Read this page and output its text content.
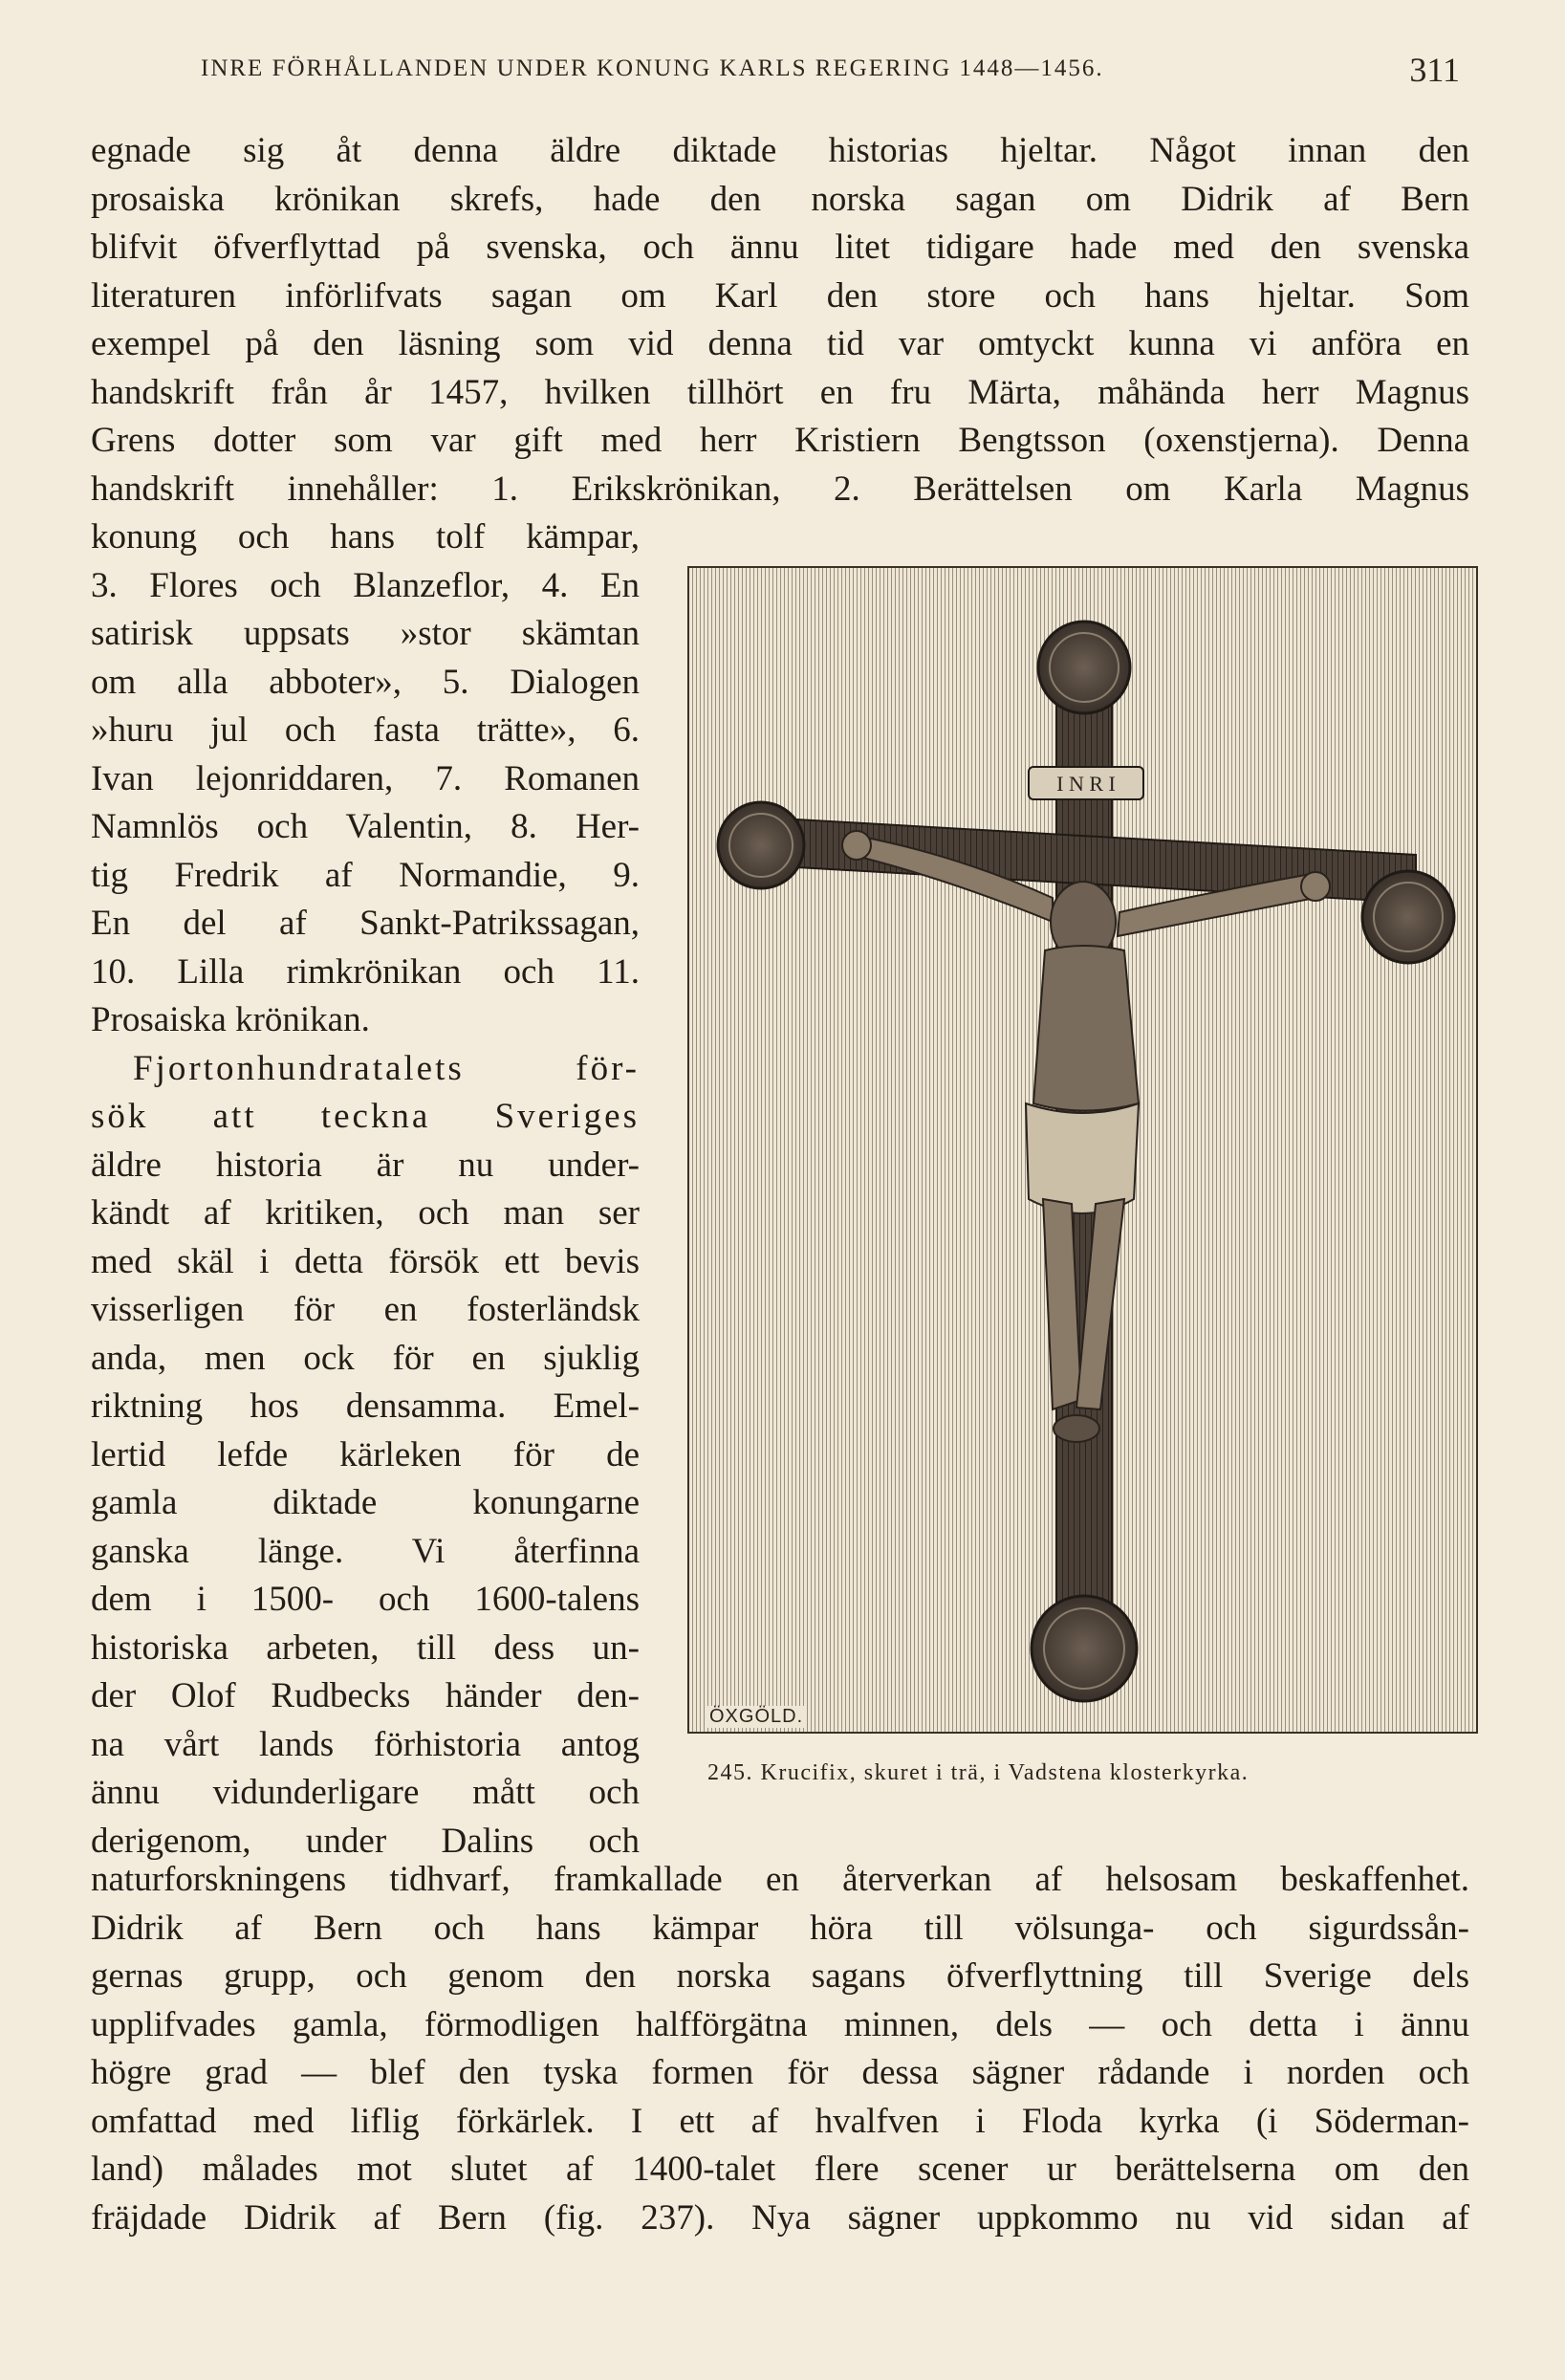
INRE FÖRHÅLLANDEN UNDER KONUNG KARLS REGERING 1448—1456.	311
egnade sig åt denna äldre diktade historias hjeltar. Något innan den
prosaiska krönikan skrefs, hade den norska sagan om Didrik af Bern
blifvit öfverflyttad på svenska, och ännu litet tidigare hade med den svenska
literaturen införlifvats sagan om Karl den store och hans hjeltar. Som
exempel på den läsning som vid denna tid var omtyckt kunna vi anföra en
handskrift från år 1457, hvilken tillhört en fru Märta, måhända herr Magnus
Grens dotter som var gift med herr Kristiern Bengtsson (oxenstjerna). Denna
handskrift innehåller: 1. Erikskrönikan, 2. Berättelsen om Karla Magnus
konung och hans tolf kämpar,
3. Flores och Blanzeflor, 4. En
satirisk uppsats »stor skämtan
om alla abboter», 5. Dialogen
»huru jul och fasta trätte», 6.
Ivan lejonriddaren, 7. Romanen
Namnlös och Valentin, 8. Her-
tig Fredrik af Normandie, 9.
En del af Sankt-Patrikssagan,
10. Lilla rimkrönikan och 11.
Prosaiska krönikan.
Fjortonhundratalets för-
sök att teckna Sveriges
äldre historia är nu under-
kändt af kritiken, och man ser
med skäl i detta försök ett bevis
visserligen för en fosterländsk
anda, men ock för en sjuklig
riktning hos densamma. Emel-
lertid lefde kärleken för de
gamla diktade konungarne
ganska länge. Vi återfinna
dem i 1500- och 1600-talens
historiska arbeten, till dess un-
der Olof Rudbecks händer den-
na vårt lands förhistoria antog
ännu vidunderligare mått och
derigenom, under Dalins och
I N R I
ÖXGÖLD.
245. Krucifix, skuret i trä, i Vadstena klosterkyrka.
naturforskningens tidhvarf, framkallade en återverkan af helsosam beskaffenhet.
Didrik af Bern och hans kämpar höra till völsunga- och sigurdssån-
gernas grupp, och genom den norska sagans öfverflyttning till Sverige dels
upplifvades gamla, förmodligen halfförgätna minnen, dels — och detta i ännu
högre grad — blef den tyska formen för dessa sägner rådande i norden och
omfattad med liflig förkärlek. I ett af hvalfven i Floda kyrka (i Söderman-
land) målades mot slutet af 1400-talet flere scener ur berättelserna om den
fräjdade Didrik af Bern (fig. 237). Nya sägner uppkommo nu vid sidan af
